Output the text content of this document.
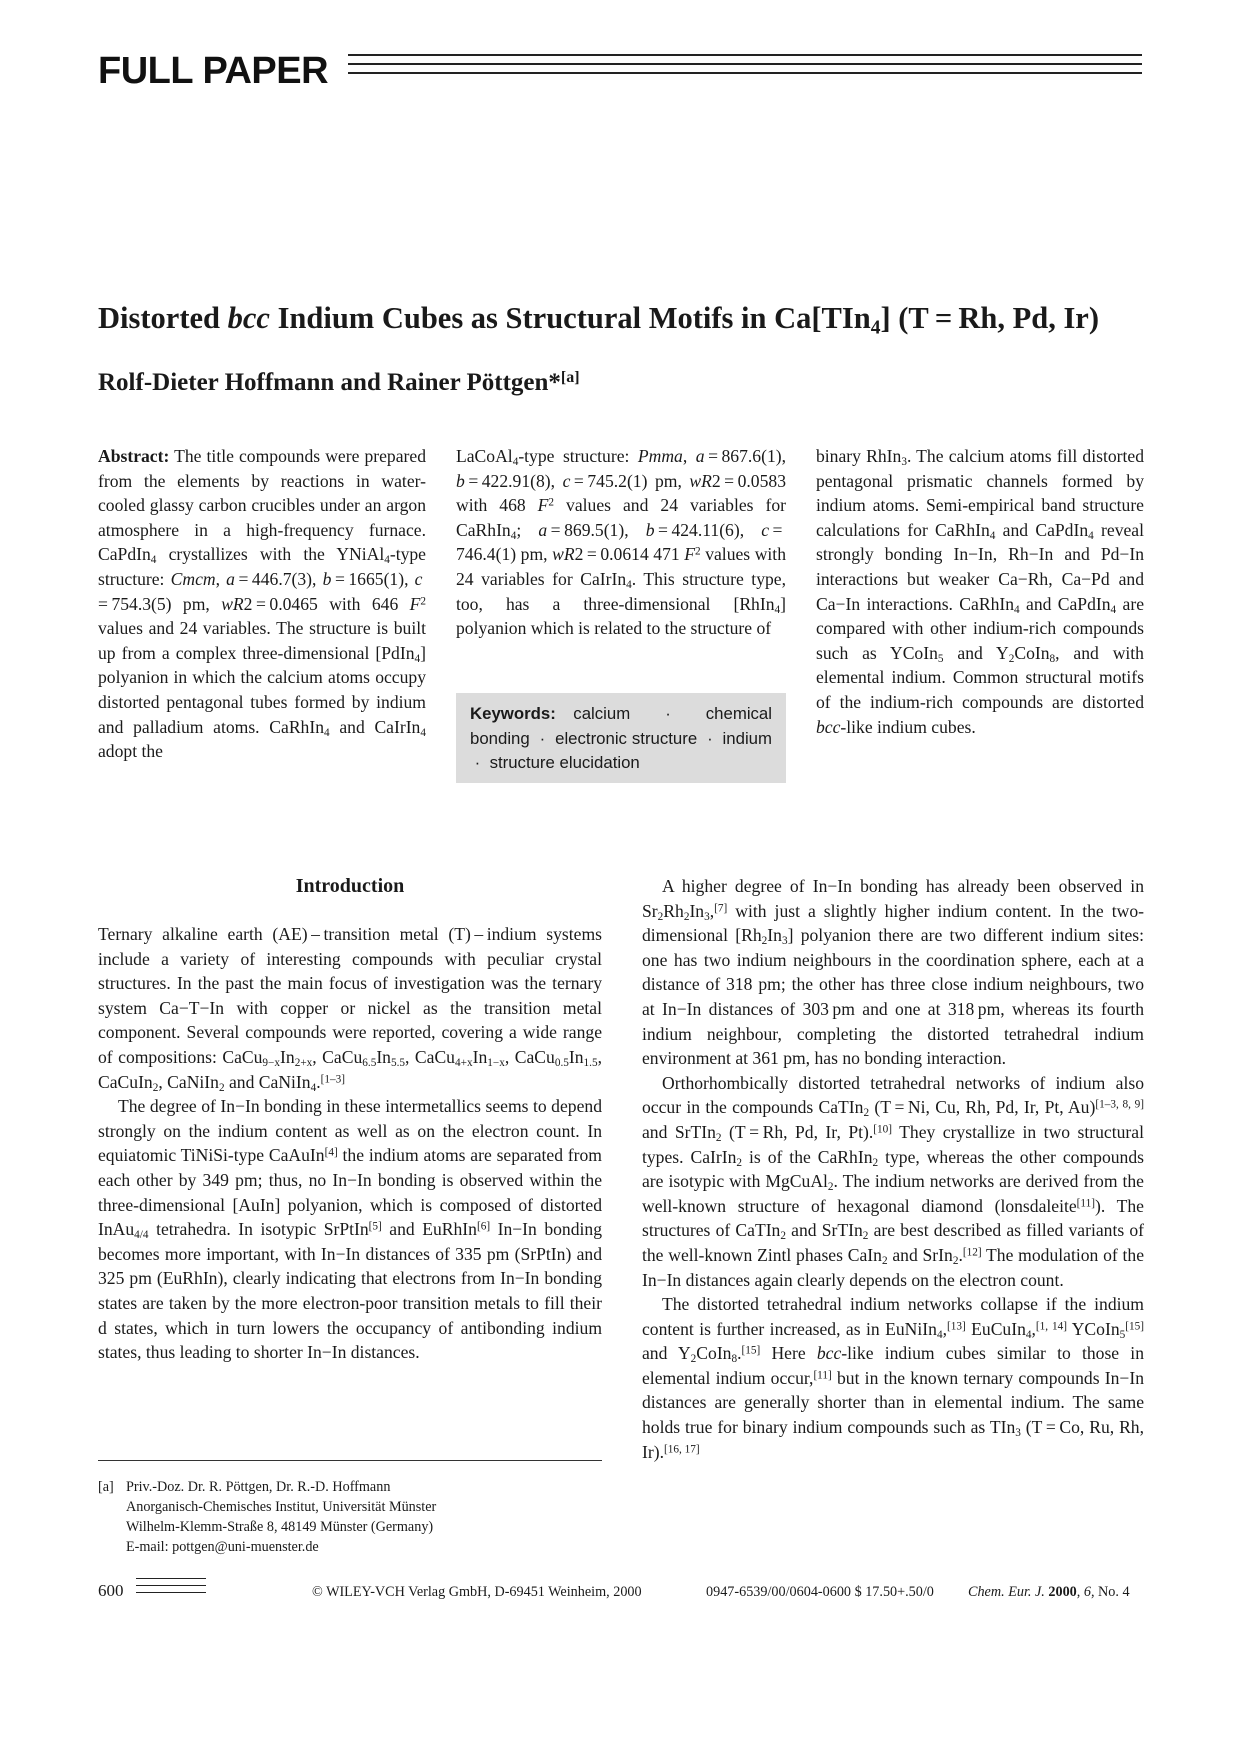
FULL PAPER
Distorted bcc Indium Cubes as Structural Motifs in Ca[TIn$_4$] (T = Rh, Pd, Ir)
Rolf-Dieter Hoffmann and Rainer Pöttgen*[a]
Abstract: The title compounds were prepared from the elements by reactions in water-cooled glassy carbon crucibles under an argon atmosphere in a high-frequency furnace. CaPdIn$_4$ crystallizes with the YNiAl$_4$-type structure: Cmcm, a = 446.7(3), b = 1665(1), c = 754.3(5) pm, wR2 = 0.0465 with 646 $F^2$ values and 24 variables. The structure is built up from a complex three-dimensional [PdIn$_4$] polyanion in which the calcium atoms occupy distorted pentagonal tubes formed by indium and palladium atoms. CaRhIn$_4$ and CaIrIn$_4$ adopt the
LaCoAl$_4$-type structure: Pmma, a = 867.6(1), b = 422.91(8), c = 745.2(1) pm, wR2 = 0.0583 with 468 $F^2$ values and 24 variables for CaRhIn$_4$; a = 869.5(1), b = 424.11(6), c = 746.4(1) pm, wR2 = 0.0614 471 $F^2$ values with 24 variables for CaIrIn$_4$. This structure type, too, has a three-dimensional [RhIn$_4$] polyanion which is related to the structure of
Keywords: calcium  ·  chemical bonding  ·  electronic structure  ·  indium  ·  structure elucidation
binary RhIn$_3$. The calcium atoms fill distorted pentagonal prismatic channels formed by indium atoms. Semi-empirical band structure calculations for CaRhIn$_4$ and CaPdIn$_4$ reveal strongly bonding In−In, Rh−In and Pd−In interactions but weaker Ca−Rh, Ca−Pd and Ca−In interactions. CaRhIn$_4$ and CaPdIn$_4$ are compared with other indium-rich compounds such as YCoIn$_5$ and $Y_2CoIn_8$, and with elemental indium. Common structural motifs of the indium-rich compounds are distorted bcc-like indium cubes.
Introduction

Ternary alkaline earth (AE) – transition metal (T) – indium systems include a variety of interesting compounds with peculiar crystal structures. In the past the main focus of investigation was the ternary system Ca−T−In with copper or nickel as the transition metal component. Several compounds were reported, covering a wide range of compositions: $CaCu_{9-x}In_{2+x}$, $CaCu_{6.5}In_{5.5}$, $CaCu_{4+x}In_{1-x}$, $CaCu_{0.5}In_{1.5}$, CaCuIn$_2$, CaNiIn$_2$ and CaNiIn$_4$.[1–3]

The degree of In−In bonding in these intermetallics seems to depend strongly on the indium content as well as on the electron count. In equiatomic TiNiSi-type CaAuIn[4] the indium atoms are separated from each other by 349 pm; thus, no In−In bonding is observed within the three-dimensional [AuIn] polyanion, which is composed of distorted InAu$_{4/4}$ tetrahedra. In isotypic SrPtIn[5] and EuRhIn[6] In−In bonding becomes more important, with In−In distances of 335 pm (SrPtIn) and 325 pm (EuRhIn), clearly indicating that electrons from In−In bonding states are taken by the more electron-poor transition metals to fill their d states, which in turn lowers the occupancy of antibonding indium states, thus leading to shorter In−In distances.

[a] Priv.-Doz. Dr. R. Pöttgen, Dr. R.-D. Hoffmann
Anorganisch-Chemisches Institut, Universität Münster
Wilhelm-Klemm-Straße 8, 48149 Münster (Germany)
E-mail: pottgen@uni-muenster.de

A higher degree of In−In bonding has already been observed in $Sr_2Rh_2In_3,[7]$ with just a slightly higher indium content. In the two-dimensional $[Rh_2In_3]$ polyanion there are two different indium sites: one has two indium neighbours in the coordination sphere, each at a distance of 318 pm; the other has three close indium neighbours, two at In−In distances of 303 pm and one at 318 pm, whereas its fourth indium neighbour, completing the distorted tetrahedral indium environment at 361 pm, has no bonding interaction.

Orthorhombically distorted tetrahedral networks of indium also occur in the compounds CaTIn$_2$ (T = Ni, Cu, Rh, Pd, Ir, Pt, Au)[1–3, 8, 9] and SrTIn$_2$ (T = Rh, Pd, Ir, Pt).[10] They crystallize in two structural types. CaIrIn$_2$ is of the CaRhIn$_2$ type, whereas the other compounds are isotypic with MgCuAl$_2$. The indium networks are derived from the well-known structure of hexagonal diamond (lonsdaleite[11]). The structures of CaTIn$_2$ and SrTIn$_2$ are best described as filled variants of the well-known Zintl phases CaIn$_2$ and SrIn$_2$.[12] The modulation of the In−In distances again clearly depends on the electron count.

The distorted tetrahedral indium networks collapse if the indium content is further increased, as in EuNiIn$_4$,[13] EuCuIn$_4$,[1, 14] YCoIn$_5$[15] and $Y_2CoIn_8.[15]$ Here bcc-like indium cubes similar to those in elemental indium occur,[11] but in the known ternary compounds In−In distances are generally shorter than in elemental indium. The same holds true for binary indium compounds such as TIn$_3$ (T = Co, Ru, Rh, Ir).[16, 17]

600	© WILEY-VCH Verlag GmbH, D-69451 Weinheim, 2000	0947-6539/00/0604-0600 $ 17.50+.50/0 Chem. Eur. J. 2000, 6, No. 4
